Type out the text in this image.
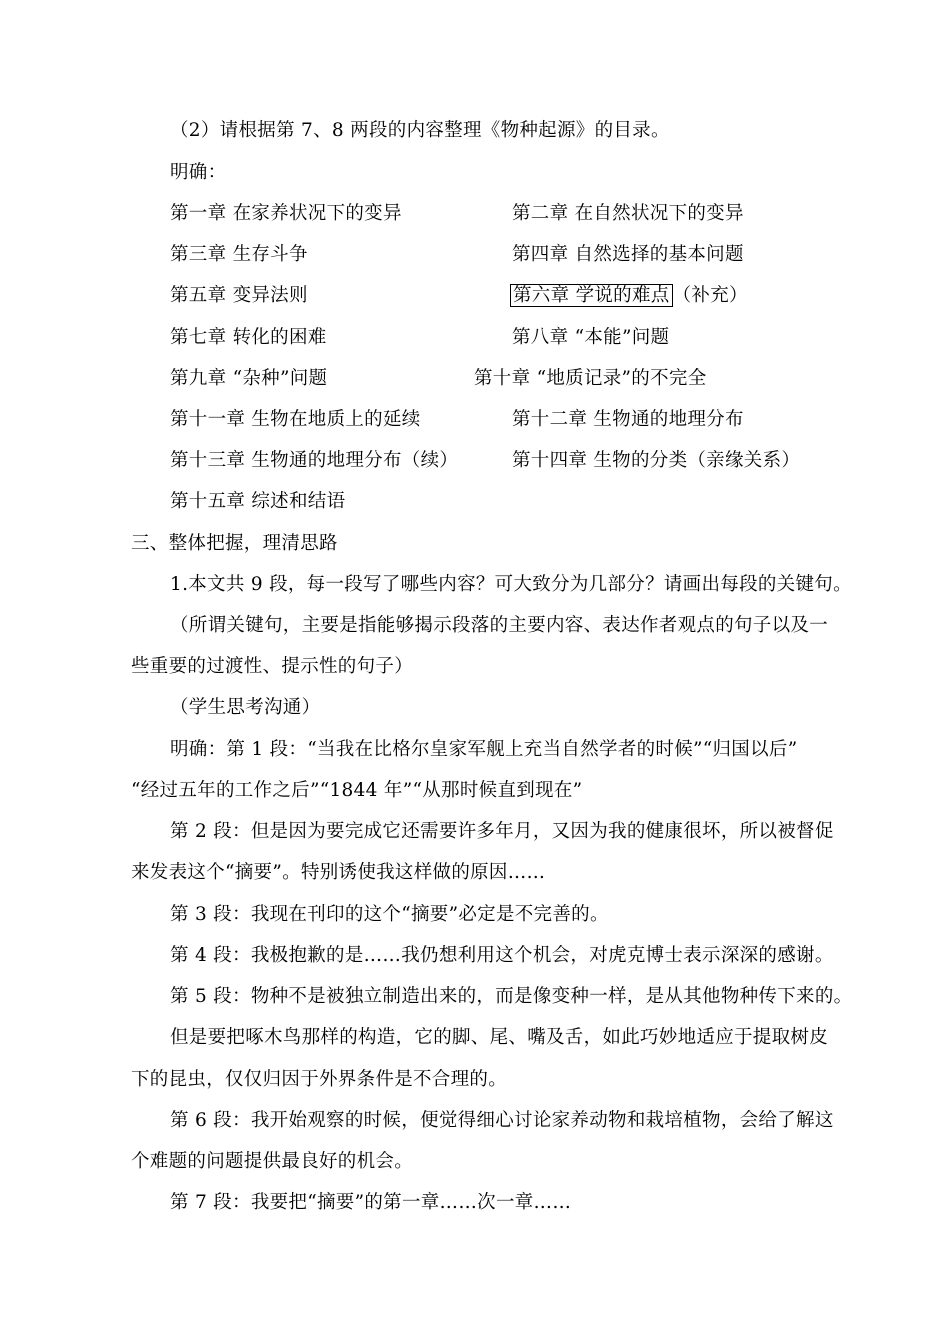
（2）请根据第 7、8 两段的内容整理《物种起源》的目录。
明确：
第一章 在家养状况下的变异	第二章 在自然状况下的变异
第三章 生存斗争	第四章 自然选择的基本问题
第五章 变异法则	第六章 学说的难点 （补充）
第七章 转化的困难	第八章 “本能”问题
第九章 “杂种”问题	第十章 “地质记录”的不完全
第十一章 生物在地质上的延续	第十二章 生物通的地理分布
第十三章 生物通的地理分布（续）	第十四章 生物的分类（亲缘关系）
第十五章 综述和结语
三、整体把握，理清思路
1.本文共 9 段，每一段写了哪些内容？可大致分为几部分？请画出每段的关键句。
（所谓关键句，主要是指能够揭示段落的主要内容、表达作者观点的句子以及一
些重要的过渡性、提示性的句子）
（学生思考沟通）
明确：第 1 段：“当我在比格尔皇家军舰上充当自然学者的时候”“归国以后”
“经过五年的工作之后”“1844 年”“从那时候直到现在”
第 2 段：但是因为要完成它还需要许多年月，又因为我的健康很坏，所以被督促
来发表这个“摘要”。特别诱使我这样做的原因……
第 3 段：我现在刊印的这个“摘要”必定是不完善的。
第 4 段：我极抱歉的是……我仍想利用这个机会，对虎克博士表示深深的感谢。
第 5 段：物种不是被独立制造出来的，而是像变种一样，是从其他物种传下来的。
但是要把啄木鸟那样的构造，它的脚、尾、嘴及舌，如此巧妙地适应于提取树皮
下的昆虫，仅仅归因于外界条件是不合理的。
第 6 段：我开始观察的时候，便觉得细心讨论家养动物和栽培植物，会给了解这
个难题的问题提供最良好的机会。
第 7 段：我要把“摘要”的第一章……次一章……
